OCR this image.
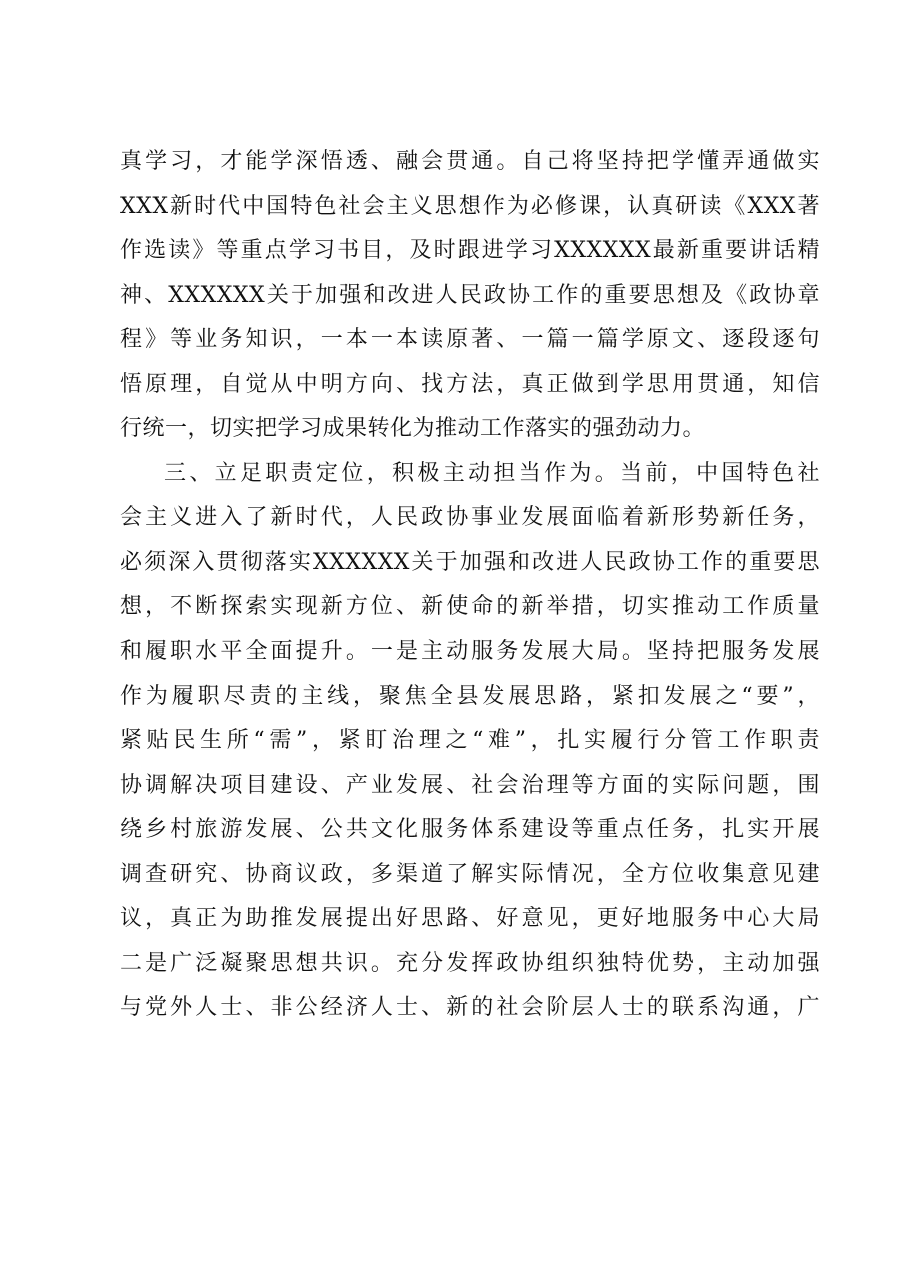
真学习，才能学深悟透、融会贯通。自己将坚持把学懂弄通做实
XXX新时代中国特色社会主义思想作为必修课，认真研读《XXX著
作选读》等重点学习书目，及时跟进学习XXXXXX最新重要讲话精
神、XXXXXX关于加强和改进人民政协工作的重要思想及《政协章
程》等业务知识，一本一本读原著、一篇一篇学原文、逐段逐句
悟原理，自觉从中明方向、找方法，真正做到学思用贯通，知信
行统一，切实把学习成果转化为推动工作落实的强劲动力。
三、立足职责定位，积极主动担当作为。当前，中国特色社
会主义进入了新时代，人民政协事业发展面临着新形势新任务，
必须深入贯彻落实XXXXXX关于加强和改进人民政协工作的重要思
想，不断探索实现新方位、新使命的新举措，切实推动工作质量
和履职水平全面提升。一是主动服务发展大局。坚持把服务发展
作为履职尽责的主线，聚焦全县发展思路，紧扣发展之“要”，
紧贴民生所“需”，紧盯治理之“难”，扎实履行分管工作职责
协调解决项目建设、产业发展、社会治理等方面的实际问题，围
绕乡村旅游发展、公共文化服务体系建设等重点任务，扎实开展
调查研究、协商议政，多渠道了解实际情况，全方位收集意见建
议，真正为助推发展提出好思路、好意见，更好地服务中心大局
二是广泛凝聚思想共识。充分发挥政协组织独特优势，主动加强
与党外人士、非公经济人士、新的社会阶层人士的联系沟通，广
